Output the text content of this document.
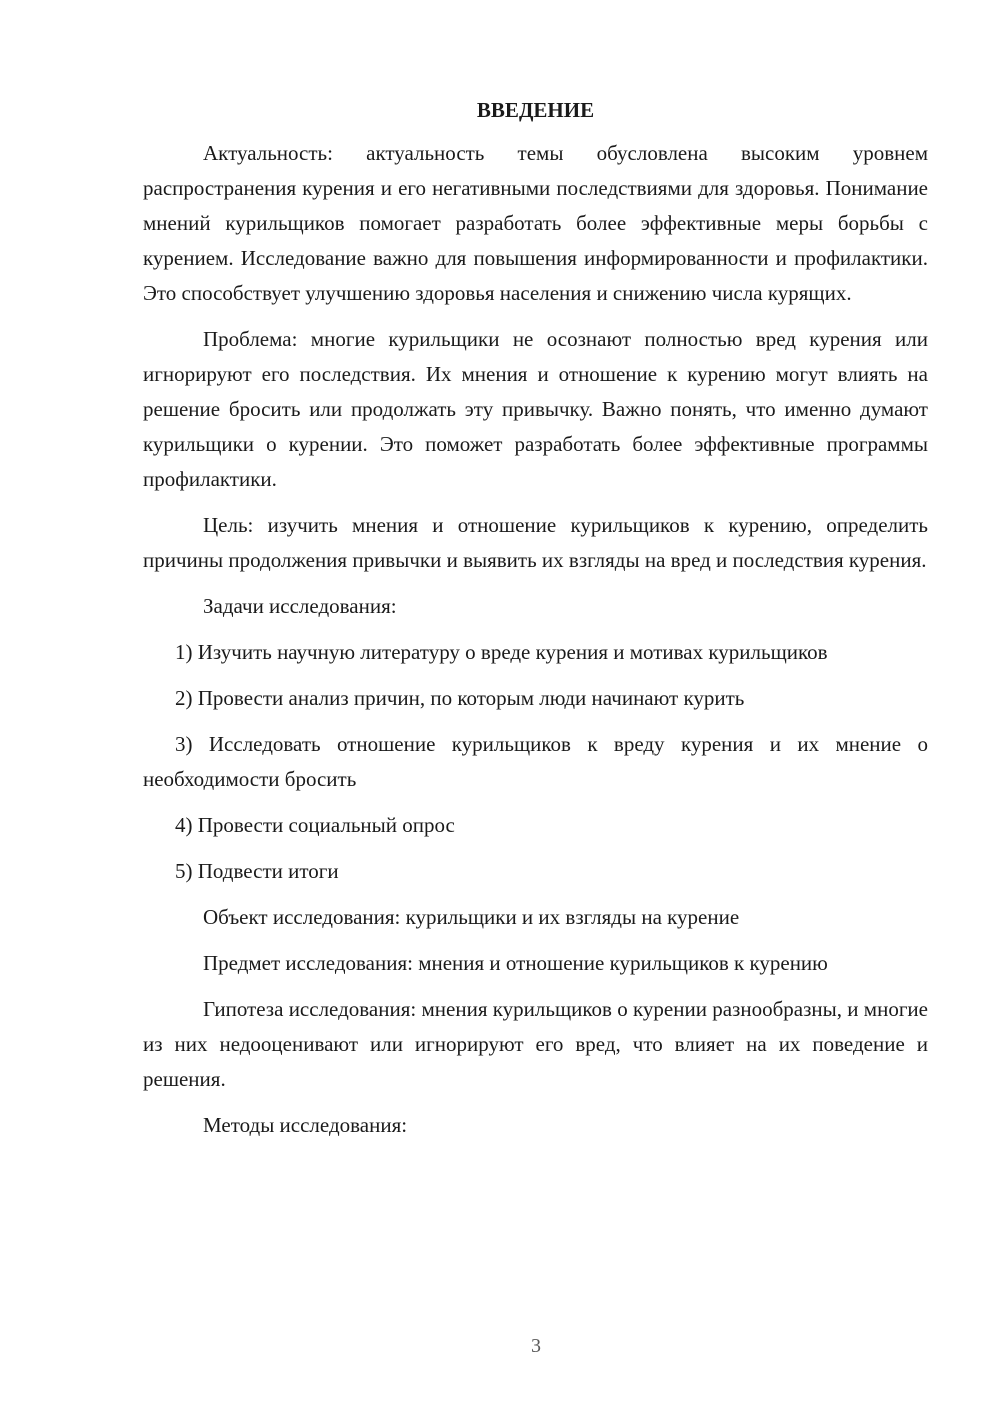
ВВЕДЕНИЕ

Актуальность: актуальность темы обусловлена высоким уровнем распространения курения и его негативными последствиями для здоровья. Понимание мнений курильщиков помогает разработать более эффективные меры борьбы с курением. Исследование важно для повышения информированности и профилактики. Это способствует улучшению здоровья населения и снижению числа курящих.

Проблема: многие курильщики не осознают полностью вред курения или игнорируют его последствия. Их мнения и отношение к курению могут влиять на решение бросить или продолжать эту привычку. Важно понять, что именно думают курильщики о курении. Это поможет разработать более эффективные программы профилактики.

Цель: изучить мнения и отношение курильщиков к курению, определить причины продолжения привычки и выявить их взгляды на вред и последствия курения.

Задачи исследования:

1) Изучить научную литературу о вреде курения и мотивах курильщиков

2) Провести анализ причин, по которым люди начинают курить

3) Исследовать отношение курильщиков к вреду курения и их мнение о необходимости бросить

4) Провести социальный опрос

5) Подвести итоги

Объект исследования: курильщики и их взгляды на курение

Предмет исследования: мнения и отношение курильщиков к курению

Гипотеза исследования: мнения курильщиков о курении разнообразны, и многие из них недооценивают или игнорируют его вред, что влияет на их поведение и решения.

Методы исследования:

3
